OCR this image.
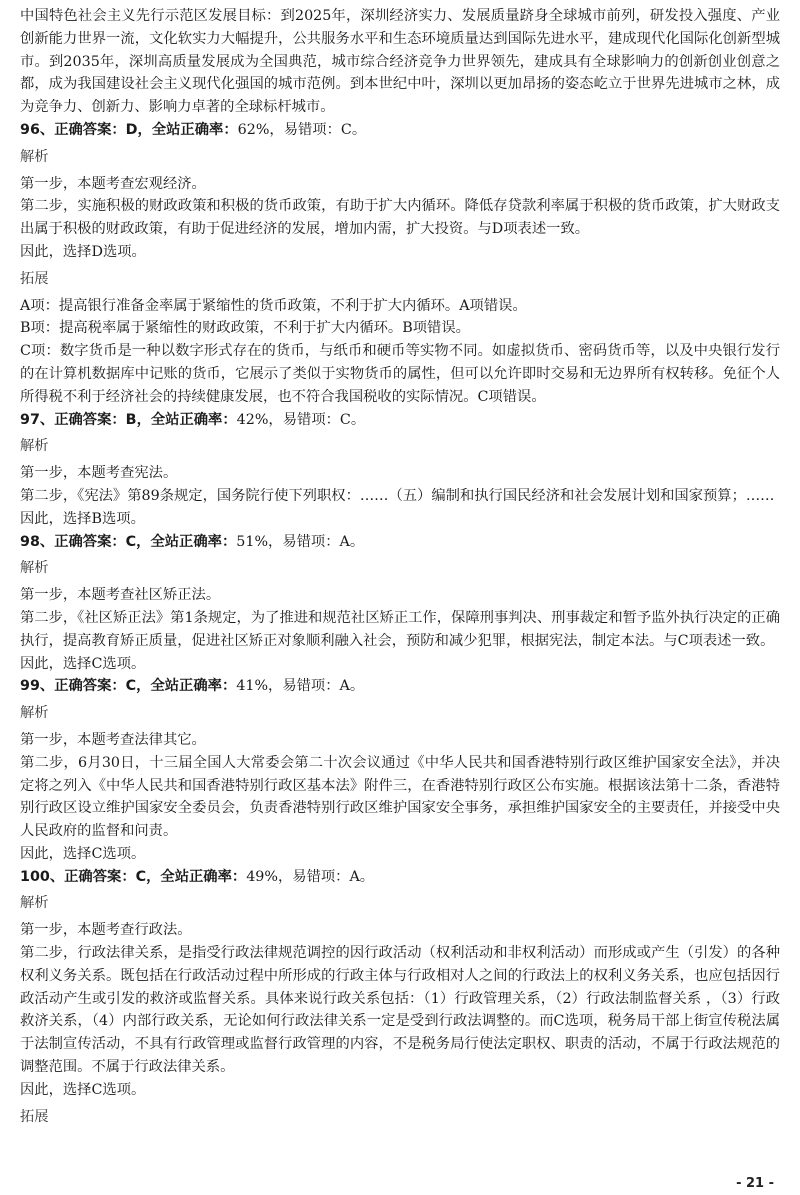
中国特色社会主义先行示范区发展目标：到2025年，深圳经济实力、发展质量跻身全球城市前列，研发投入强度、产业创新能力世界一流，文化软实力大幅提升，公共服务水平和生态环境质量达到国际先进水平，建成现代化国际化创新型城市。到2035年，深圳高质量发展成为全国典范，城市综合经济竞争力世界领先，建成具有全球影响力的创新创业创意之都，成为我国建设社会主义现代化强国的城市范例。到本世纪中叶，深圳以更加昂扬的姿态屹立于世界先进城市之林，成为竞争力、创新力、影响力卓著的全球标杆城市。

96、正确答案：D，全站正确率：62%，易错项：C。

解析

第一步，本题考查宏观经济。

第二步，实施积极的财政政策和积极的货币政策，有助于扩大内循环。降低存贷款利率属于积极的货币政策，扩大财政支出属于积极的财政政策，有助于促进经济的发展，增加内需，扩大投资。与D项表述一致。

因此，选择D选项。

拓展

A项：提高银行准备金率属于紧缩性的货币政策，不利于扩大内循环。A项错误。

B项：提高税率属于紧缩性的财政政策，不利于扩大内循环。B项错误。

C项：数字货币是一种以数字形式存在的货币，与纸币和硬币等实物不同。如虚拟货币、密码货币等，以及中央银行发行的在计算机数据库中记账的货币，它展示了类似于实物货币的属性，但可以允许即时交易和无边界所有权转移。免征个人所得税不利于经济社会的持续健康发展，也不符合我国税收的实际情况。C项错误。

97、正确答案：B，全站正确率：42%，易错项：C。

解析

第一步，本题考查宪法。

第二步，《宪法》第89条规定，国务院行使下列职权：……（五）编制和执行国民经济和社会发展计划和国家预算；……

因此，选择B选项。

98、正确答案：C，全站正确率：51%，易错项：A。

解析

第一步，本题考查社区矫正法。

第二步，《社区矫正法》第1条规定，为了推进和规范社区矫正工作，保障刑事判决、刑事裁定和暂予监外执行决定的正确执行，提高教育矫正质量，促进社区矫正对象顺利融入社会，预防和减少犯罪，根据宪法，制定本法。与C项表述一致。

因此，选择C选项。

99、正确答案：C，全站正确率：41%，易错项：A。

解析

第一步，本题考查法律其它。

第二步，6月30日，十三届全国人大常委会第二十次会议通过《中华人民共和国香港特别行政区维护国家安全法》，并决定将之列入《中华人民共和国香港特别行政区基本法》附件三，在香港特别行政区公布实施。根据该法第十二条，香港特别行政区设立维护国家安全委员会，负责香港特别行政区维护国家安全事务，承担维护国家安全的主要责任，并接受中央人民政府的监督和问责。

因此，选择C选项。

100、正确答案：C，全站正确率：49%，易错项：A。

解析

第一步，本题考查行政法。

第二步，行政法律关系，是指受行政法律规范调控的因行政活动（权利活动和非权利活动）而形成或产生（引发）的各种权利义务关系。既包括在行政活动过程中所形成的行政主体与行政相对人之间的行政法上的权利义务关系，也应包括因行政活动产生或引发的救济或监督关系。具体来说行政关系包括：（1）行政管理关系，（2）行政法制监督关系 ，（3）行政救济关系，（4）内部行政关系，无论如何行政法律关系一定是受到行政法调整的。而C选项，税务局干部上街宣传税法属于法制宣传活动，不具有行政管理或监督行政管理的内容，不是税务局行使法定职权、职责的活动，不属于行政法规范的调整范围。不属于行政法律关系。

因此，选择C选项。

拓展

- 21 -
